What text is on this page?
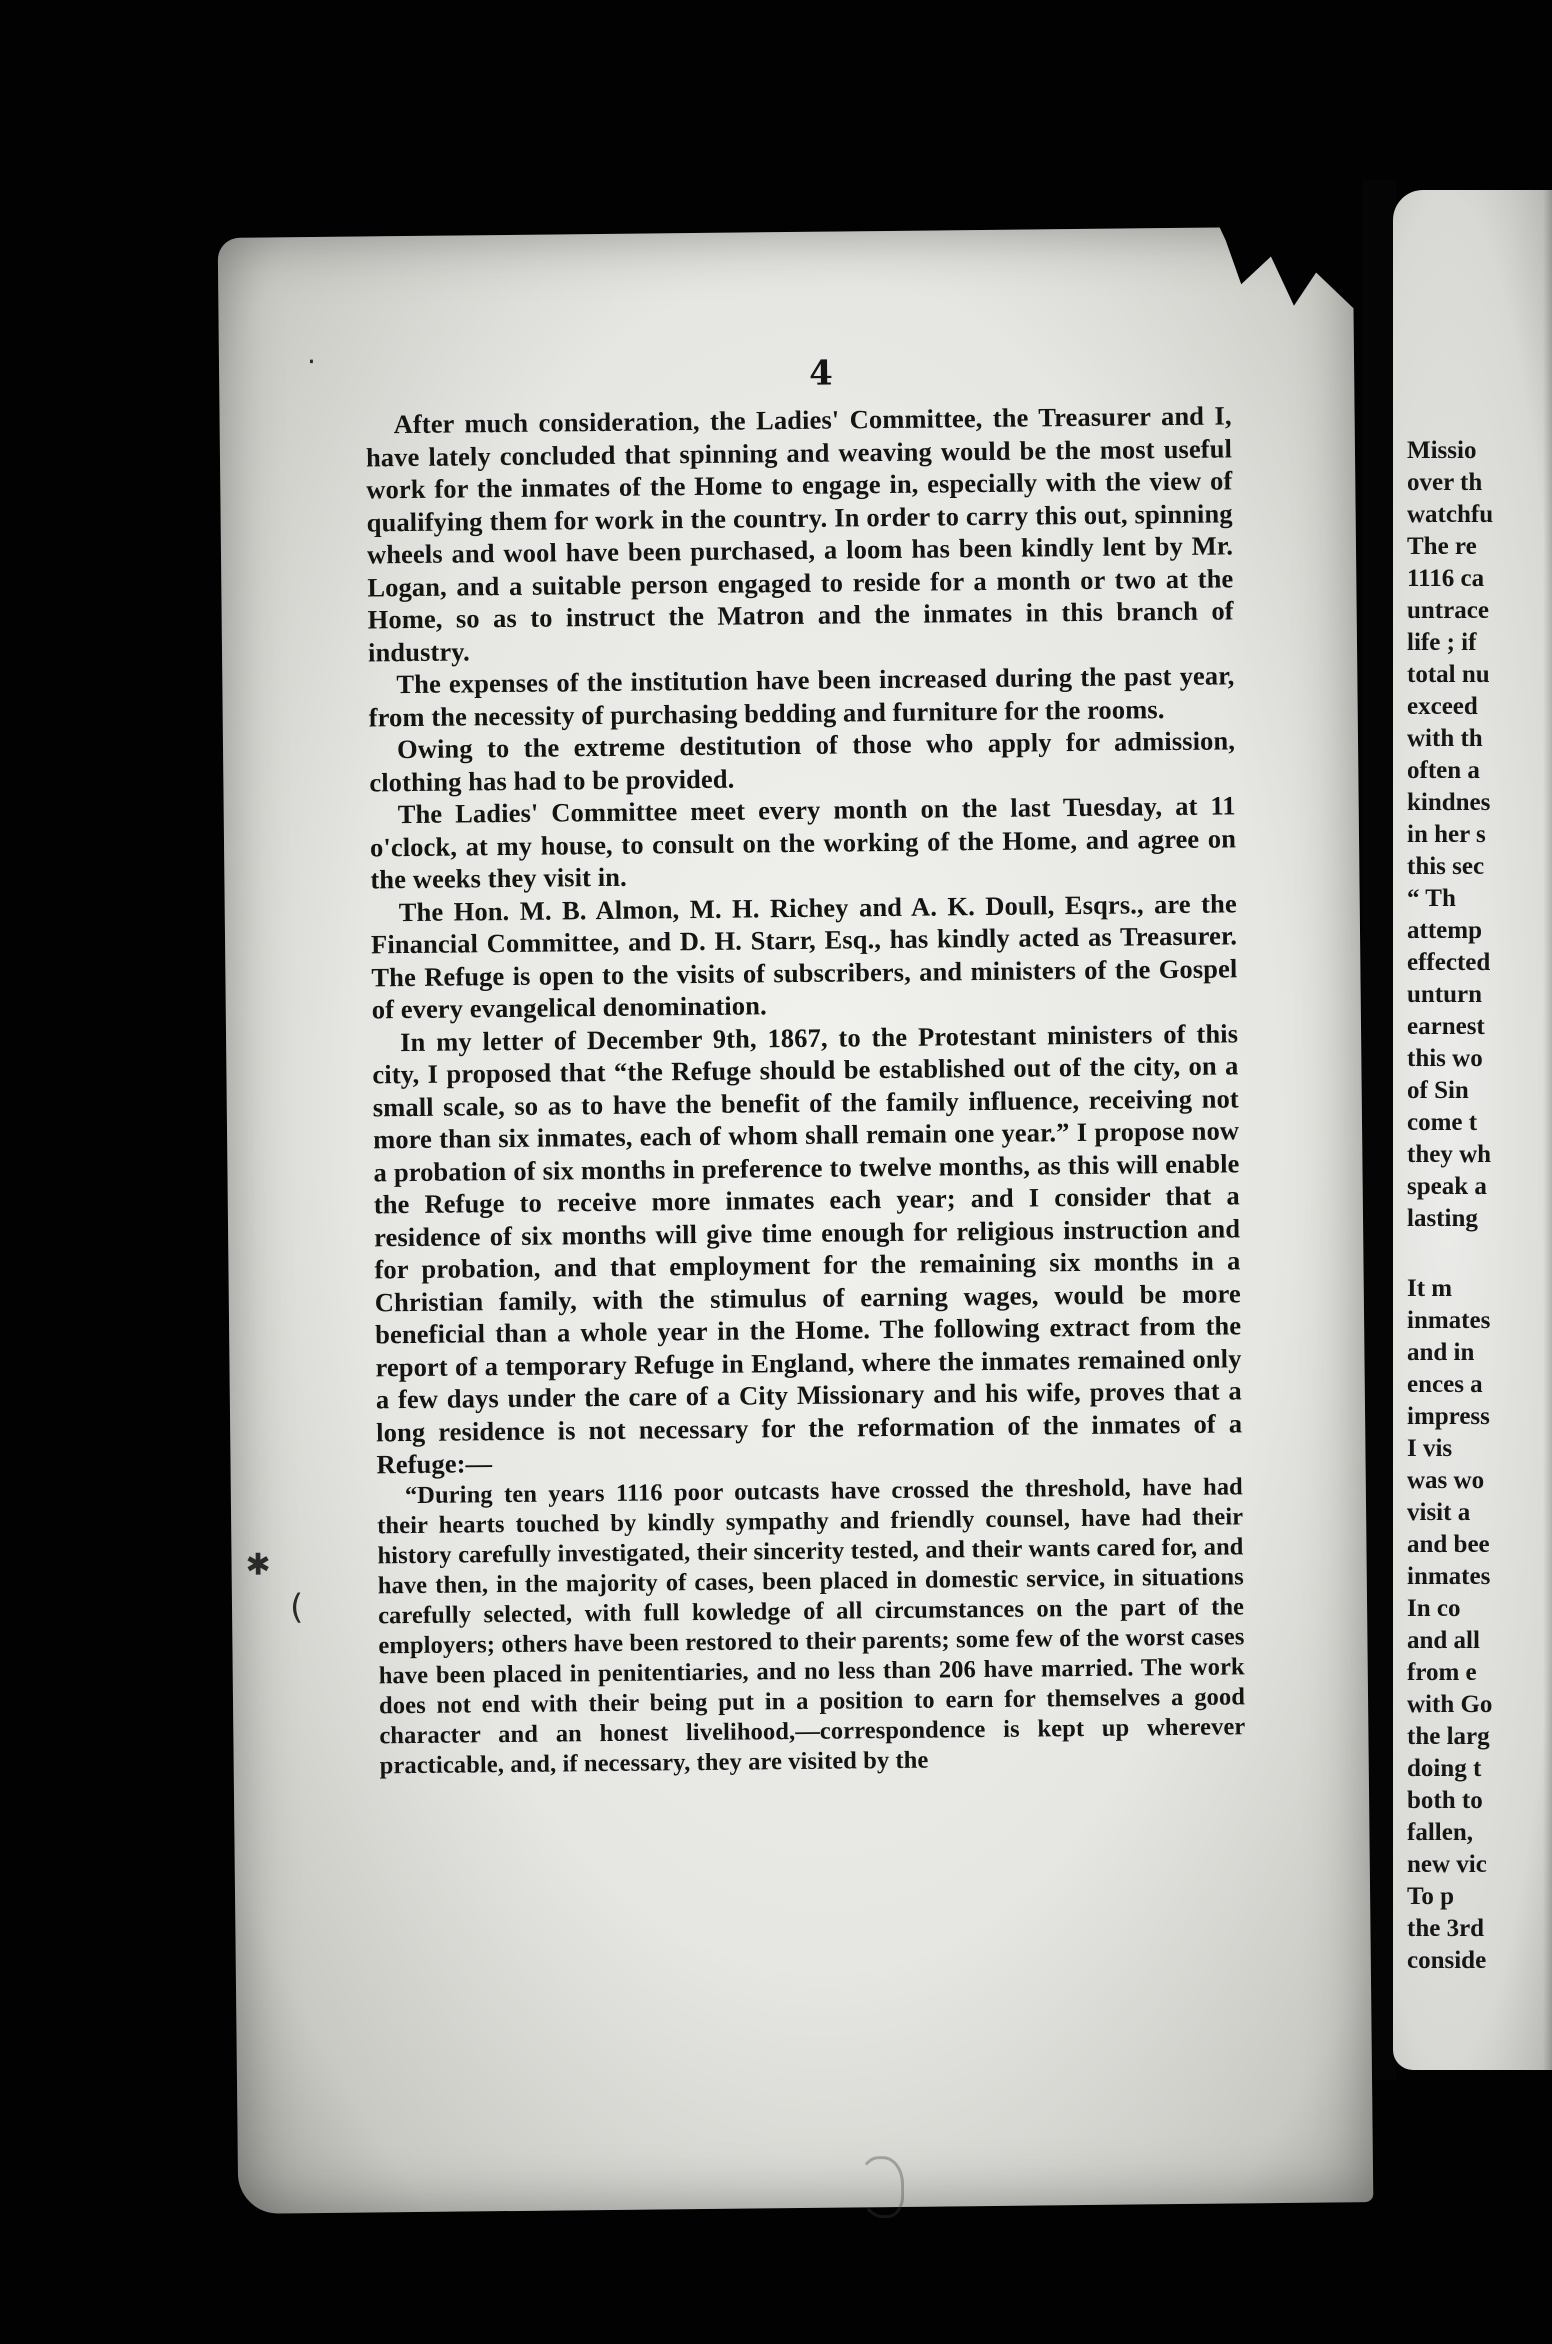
4

After much consideration, the Ladies' Committee, the Treasurer and I, have lately concluded that spinning and weaving would be the most useful work for the inmates of the Home to engage in, especially with the view of qualifying them for work in the country. In order to carry this out, spinning wheels and wool have been purchased, a loom has been kindly lent by Mr. Logan, and a suitable person engaged to reside for a month or two at the Home, so as to instruct the Matron and the inmates in this branch of industry.

The expenses of the institution have been increased during the past year, from the necessity of purchasing bedding and furniture for the rooms.

Owing to the extreme destitution of those who apply for admission, clothing has had to be provided.

The Ladies' Committee meet every month on the last Tuesday, at 11 o'clock, at my house, to consult on the working of the Home, and agree on the weeks they visit in.

The Hon. M. B. Almon, M. H. Richey and A. K. Doull, Esqrs., are the Financial Committee, and D. H. Starr, Esq., has kindly acted as Treasurer. The Refuge is open to the visits of subscribers, and ministers of the Gospel of every evangelical denomination.

In my letter of December 9th, 1867, to the Protestant ministers of this city, I proposed that “the Refuge should be established out of the city, on a small scale, so as to have the benefit of the family influence, receiving not more than six inmates, each of whom shall remain one year.” I propose now a probation of six months in preference to twelve months, as this will enable the Refuge to receive more inmates each year; and I consider that a residence of six months will give time enough for religious instruction and for probation, and that employment for the remaining six months in a Christian family, with the stimulus of earning wages, would be more beneficial than a whole year in the Home. The following extract from the report of a temporary Refuge in England, where the inmates remained only a few days under the care of a City Missionary and his wife, proves that a long residence is not necessary for the reformation of the inmates of a Refuge:—

“During ten years 1116 poor outcasts have crossed the threshold, have had their hearts touched by kindly sympathy and friendly counsel, have had their history carefully investigated, their sincerity tested, and their wants cared for, and have then, in the majority of cases, been placed in domestic service, in situations carefully selected, with full kowledge of all circumstances on the part of the employers; others have been restored to their parents; some few of the worst cases have been placed in penitentiaries, and no less than 206 have married. The work does not end with their being put in a position to earn for themselves a good character and an honest livelihood,—correspondence is kept up wherever practicable, and, if necessary, they are visited by the

·
✱
(
Missio
over th
watchfu
The re
1116 ca
untrace
life ; if
total nu
exceed
with th
often a
kindnes
in her s
this sec
“ Th
attemp
effected
unturn
earnest
this wo
of Sin
come t
they wh
speak a
lasting
It m
inmates
and in
ences a
impress
I vis
was wo
visit a
and bee
inmates
In co
and all
from e
with Go
the larg
doing t
both to
fallen,
new vic
To p
the 3rd
conside
